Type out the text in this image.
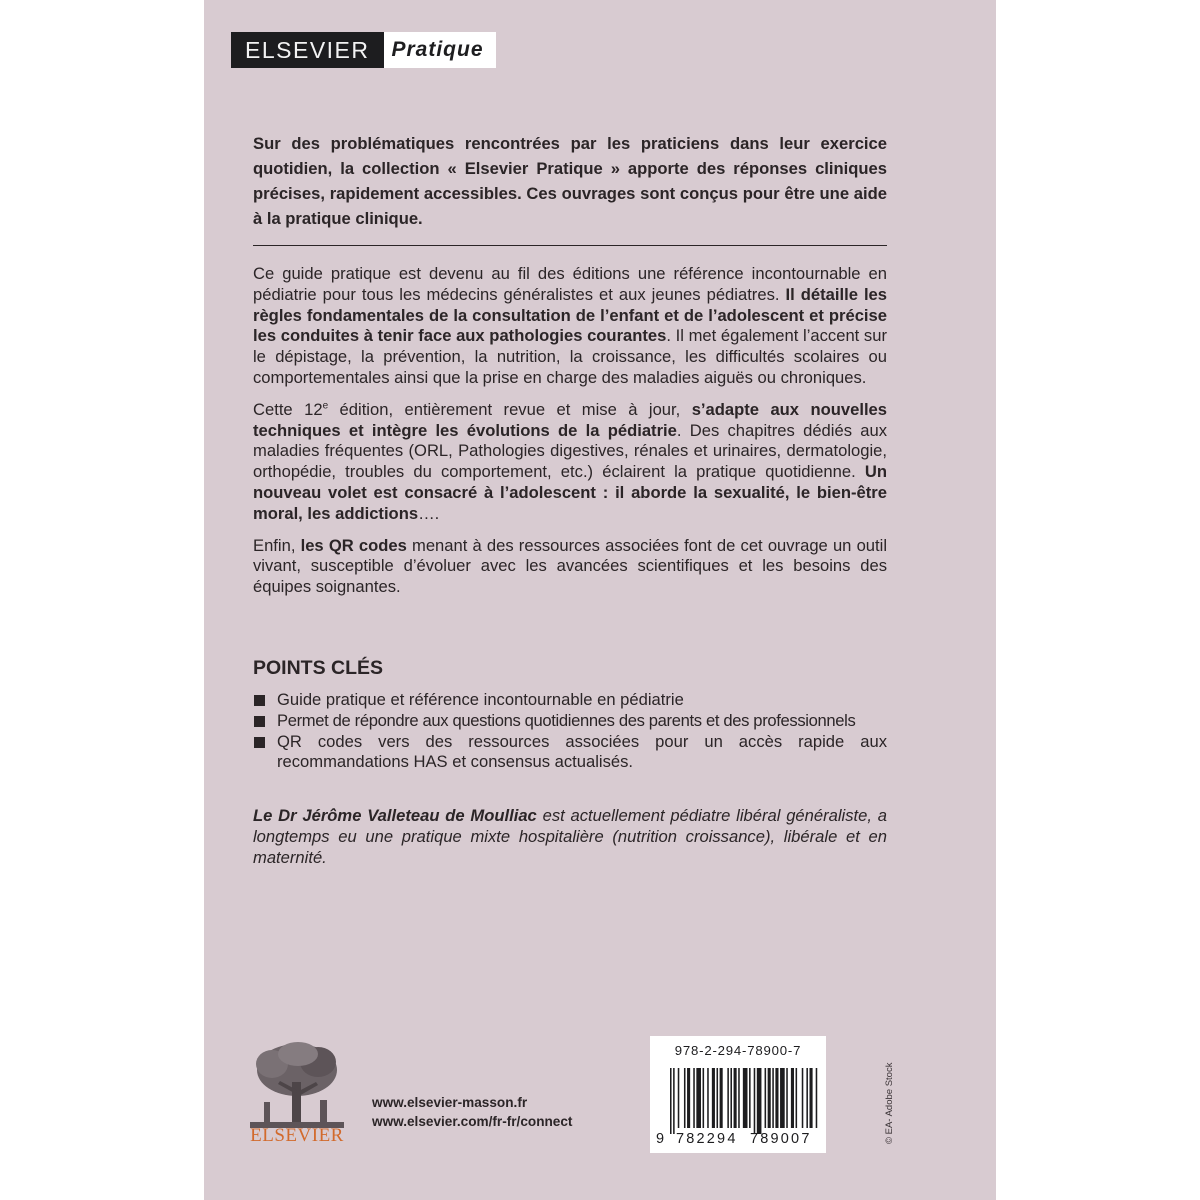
ELSEVIER	Pratique
Sur des problématiques rencontrées par les praticiens dans leur exercice quotidien, la collection « Elsevier Pratique » apporte des réponses cliniques précises, rapidement accessibles. Ces ouvrages sont conçus pour être une aide à la pratique clinique.

Ce guide pratique est devenu au fil des éditions une référence incontournable en pédiatrie pour tous les médecins généralistes et aux jeunes pédiatres. Il détaille les règles fondamentales de la consultation de l’enfant et de l’adolescent et précise les conduites à tenir face aux pathologies courantes. Il met également l’accent sur le dépistage, la prévention, la nutrition, la croissance, les difficultés scolaires ou comportementales ainsi que la prise en charge des maladies aiguës ou chroniques.

Cette 12e édition, entièrement revue et mise à jour, s’adapte aux nouvelles techniques et intègre les évolutions de la pédiatrie. Des chapitres dédiés aux maladies fréquentes (ORL, Pathologies digestives, rénales et urinaires, dermatologie, orthopédie, troubles du comportement, etc.) éclairent la pratique quotidienne. Un nouveau volet est consacré à l’adolescent : il aborde la sexualité, le bien-être moral, les addictions….

Enfin, les QR codes menant à des ressources associées font de cet ouvrage un outil vivant, susceptible d’évoluer avec les avancées scientifiques et les besoins des équipes soignantes.

POINTS CLÉS
Guide pratique et référence incontournable en pédiatrie
Permet de répondre aux questions quotidiennes des parents et des professionnels
QR codes vers des ressources associées pour un accès rapide aux recommandations HAS et consensus actualisés.
Le Dr Jérôme Valleteau de Moulliac est actuellement pédiatre libéral généraliste, a longtemps eu une pratique mixte hospitalière (nutrition croissance), libérale et en maternité.
ELSEVIER
www.elsevier-masson.fr
www.elsevier.com/fr-fr/connect
978-2-294-78900-7
9 782294 789007	© EA- Adobe Stock
